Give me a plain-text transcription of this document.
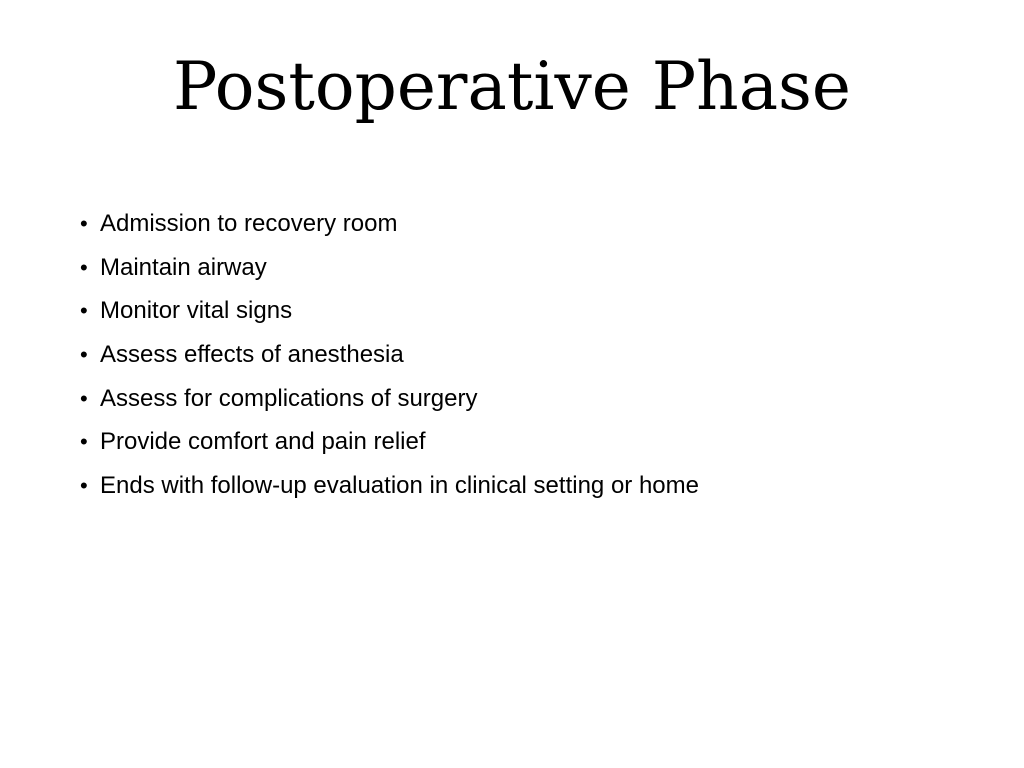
Postoperative Phase
• Admission to recovery room
• Maintain airway
• Monitor vital signs
• Assess effects of anesthesia
• Assess for complications of surgery
• Provide comfort and pain relief
• Ends with follow-up evaluation in clinical setting or home
